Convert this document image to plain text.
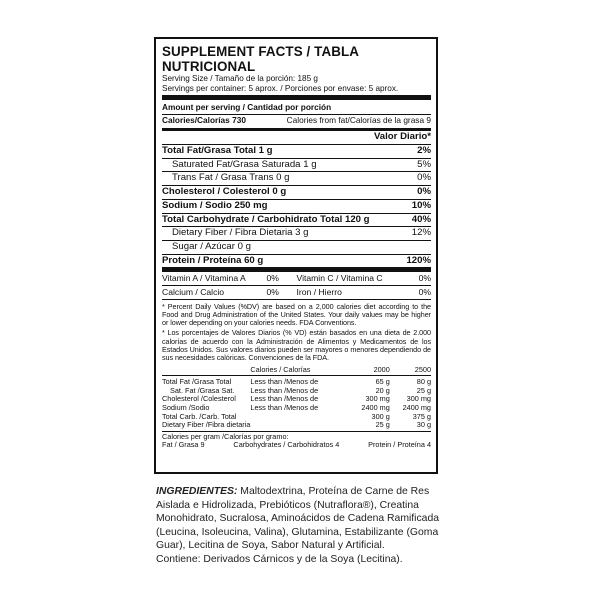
SUPPLEMENT FACTS / TABLA NUTRICIONAL
Serving Size / Tamaño de la porción: 185 g
Servings per container: 5 aprox. / Porciones por envase: 5 aprox.
Amount per serving / Cantidad por porción
Calories/Calorías 730	Calories from fat/Calorías de la grasa 9
Valor Diario*
Total Fat/Grasa Total 1 g	2%
Saturated Fat/Grasa Saturada 1 g	5%
Trans Fat / Grasa Trans 0 g	0%
Cholesterol / Colesterol 0 g	0%
Sodium / Sodio 250 mg	10%
Total Carbohydrate / Carbohidrato Total 120 g	40%
Dietary Fiber / Fibra Dietaria 3 g	12%
Sugar / Azúcar 0 g
Protein / Proteína 60 g	120%
Vitamin A / Vitamina A	0%	Vitamin C / Vitamina C	0%
Calcium / Calcio	0%	Iron / Hierro	0%
* Percent Daily Values (%DV) are based on a 2,000 calories diet according to the Food and Drug Administration of the United States. Your daily values may be higher or lower depending on your calories needs. FDA Conventions.
* Los porcentajes de Valores Diarios (% VD) están basados en una dieta de 2.000 calorías de acuerdo con la Administración de Alimentos y Medicamentos de los Estados Unidos. Sus valores diarios pueden ser mayores o menores dependiendo de sus necesidades calóricas. Convenciones de la FDA.
	Calories / Calorías	2000	2500
Total Fat /Grasa Total	Less than /Menos de	65 g	80 g
Sat. Fat /Grasa Sat.	Less than /Menos de	20 g	25 g
Cholesterol /Colesterol	Less than /Menos de	300 mg	300 mg
Sodium /Sodio	Less than /Menos de	2400 mg	2400 mg
Total Carb. /Carb. Total		300 g	375 g
Dietary Fiber /Fibra dietaria		25 g	30 g
Calories per gram /Calorías por gramo:
Fat / Grasa 9	Carbohydrates / Carbohidratos 4	Protein / Proteína 4
INGREDIENTES: Maltodextrina, Proteína de Carne de Res Aislada e Hidrolizada, Prebióticos (Nutraflora®), Creatina Monohidrato, Sucralosa, Aminoácidos de Cadena Ramificada (Leucina, Isoleucina, Valina), Glutamina, Estabilizante (Goma Guar), Lecitina de Soya, Sabor Natural y Artificial.
Contiene: Derivados Cárnicos y de la Soya (Lecitina).
